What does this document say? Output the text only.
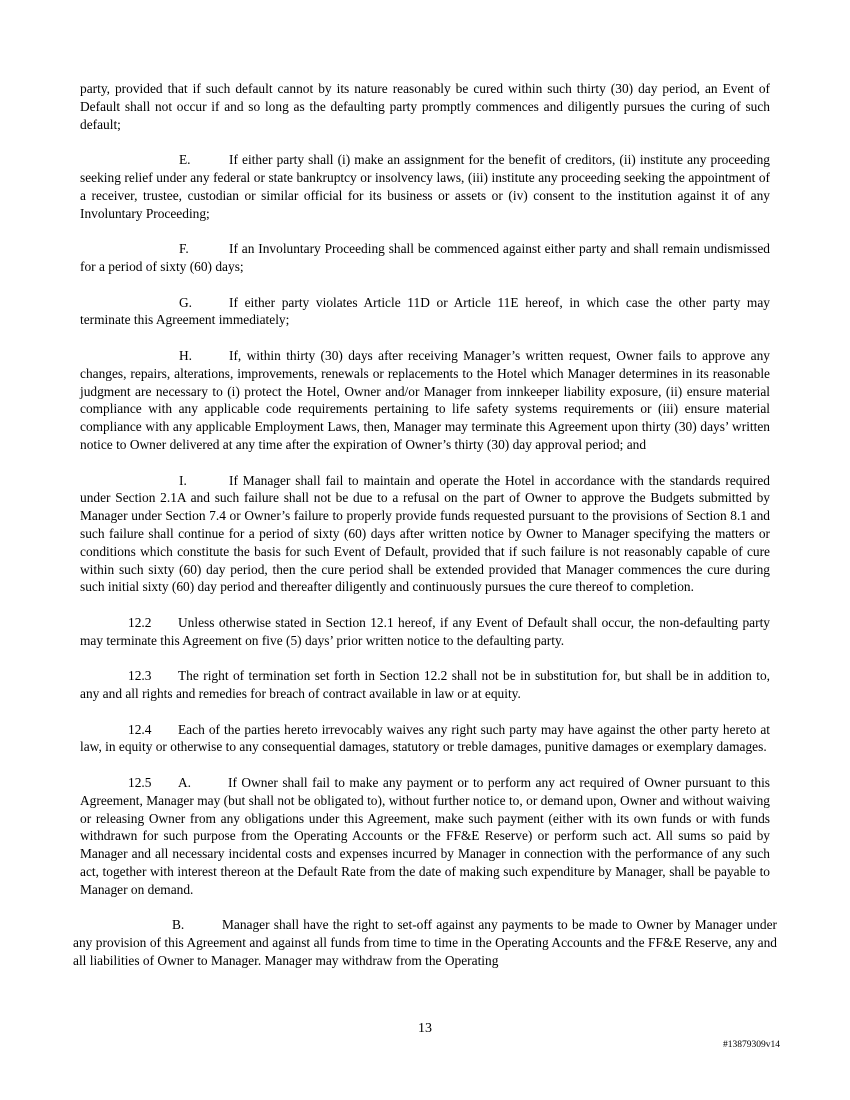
party, provided that if such default cannot by its nature reasonably be cured within such thirty (30) day period, an Event of Default shall not occur if and so long as the defaulting party promptly commences and diligently pursues the curing of such default;

E.	If either party shall (i) make an assignment for the benefit of creditors, (ii) institute any proceeding seeking relief under any federal or state bankruptcy or insolvency laws, (iii) institute any proceeding seeking the appointment of a receiver, trustee, custodian or similar official for its business or assets or (iv) consent to the institution against it of any Involuntary Proceeding;

F.	If an Involuntary Proceeding shall be commenced against either party and shall remain undismissed for a period of sixty (60) days;

G.	If either party violates Article 11D or Article 11E hereof, in which case the other party may terminate this Agreement immediately;

H.	If, within thirty (30) days after receiving Manager’s written request, Owner fails to approve any changes, repairs, alterations, improvements, renewals or replacements to the Hotel which Manager determines in its reasonable judgment are necessary to (i) protect the Hotel, Owner and/or Manager from innkeeper liability exposure, (ii) ensure material compliance with any applicable code requirements pertaining to life safety systems requirements or (iii) ensure material compliance with any applicable Employment Laws, then, Manager may terminate this Agreement upon thirty (30) days’ written notice to Owner delivered at any time after the expiration of Owner’s thirty (30) day approval period; and

I.	If Manager shall fail to maintain and operate the Hotel in accordance with the standards required under Section 2.1A and such failure shall not be due to a refusal on the part of Owner to approve the Budgets submitted by Manager under Section 7.4 or Owner’s failure to properly provide funds requested pursuant to the provisions of Section 8.1 and such failure shall continue for a period of sixty (60) days after written notice by Owner to Manager specifying the matters or conditions which constitute the basis for such Event of Default, provided that if such failure is not reasonably capable of cure within such sixty (60) day period, then the cure period shall be extended provided that Manager commences the cure during such initial sixty (60) day period and thereafter diligently and continuously pursues the cure thereof to completion.

12.2 Unless otherwise stated in Section 12.1 hereof, if any Event of Default shall occur, the non-defaulting party may terminate this Agreement on five (5) days’ prior written notice to the defaulting party.

12.3 The right of termination set forth in Section 12.2 shall not be in substitution for, but shall be in addition to, any and all rights and remedies for breach of contract available in law or at equity.

12.4 Each of the parties hereto irrevocably waives any right such party may have against the other party hereto at law, in equity or otherwise to any consequential damages, statutory or treble damages, punitive damages or exemplary damages.

12.5 A.	If Owner shall fail to make any payment or to perform any act required of Owner pursuant to this Agreement, Manager may (but shall not be obligated to), without further notice to, or demand upon, Owner and without waiving or releasing Owner from any obligations under this Agreement, make such payment (either with its own funds or with funds withdrawn for such purpose from the Operating Accounts or the FF&E Reserve) or perform such act. All sums so paid by Manager and all necessary incidental costs and expenses incurred by Manager in connection with the performance of any such act, together with interest thereon at the Default Rate from the date of making such expenditure by Manager, shall be payable to Manager on demand.

B.	Manager shall have the right to set-off against any payments to be made to Owner by Manager under any provision of this Agreement and against all funds from time to time in the Operating Accounts and the FF&E Reserve, any and all liabilities of Owner to Manager. Manager may withdraw from the Operating

13
#13879309v14
